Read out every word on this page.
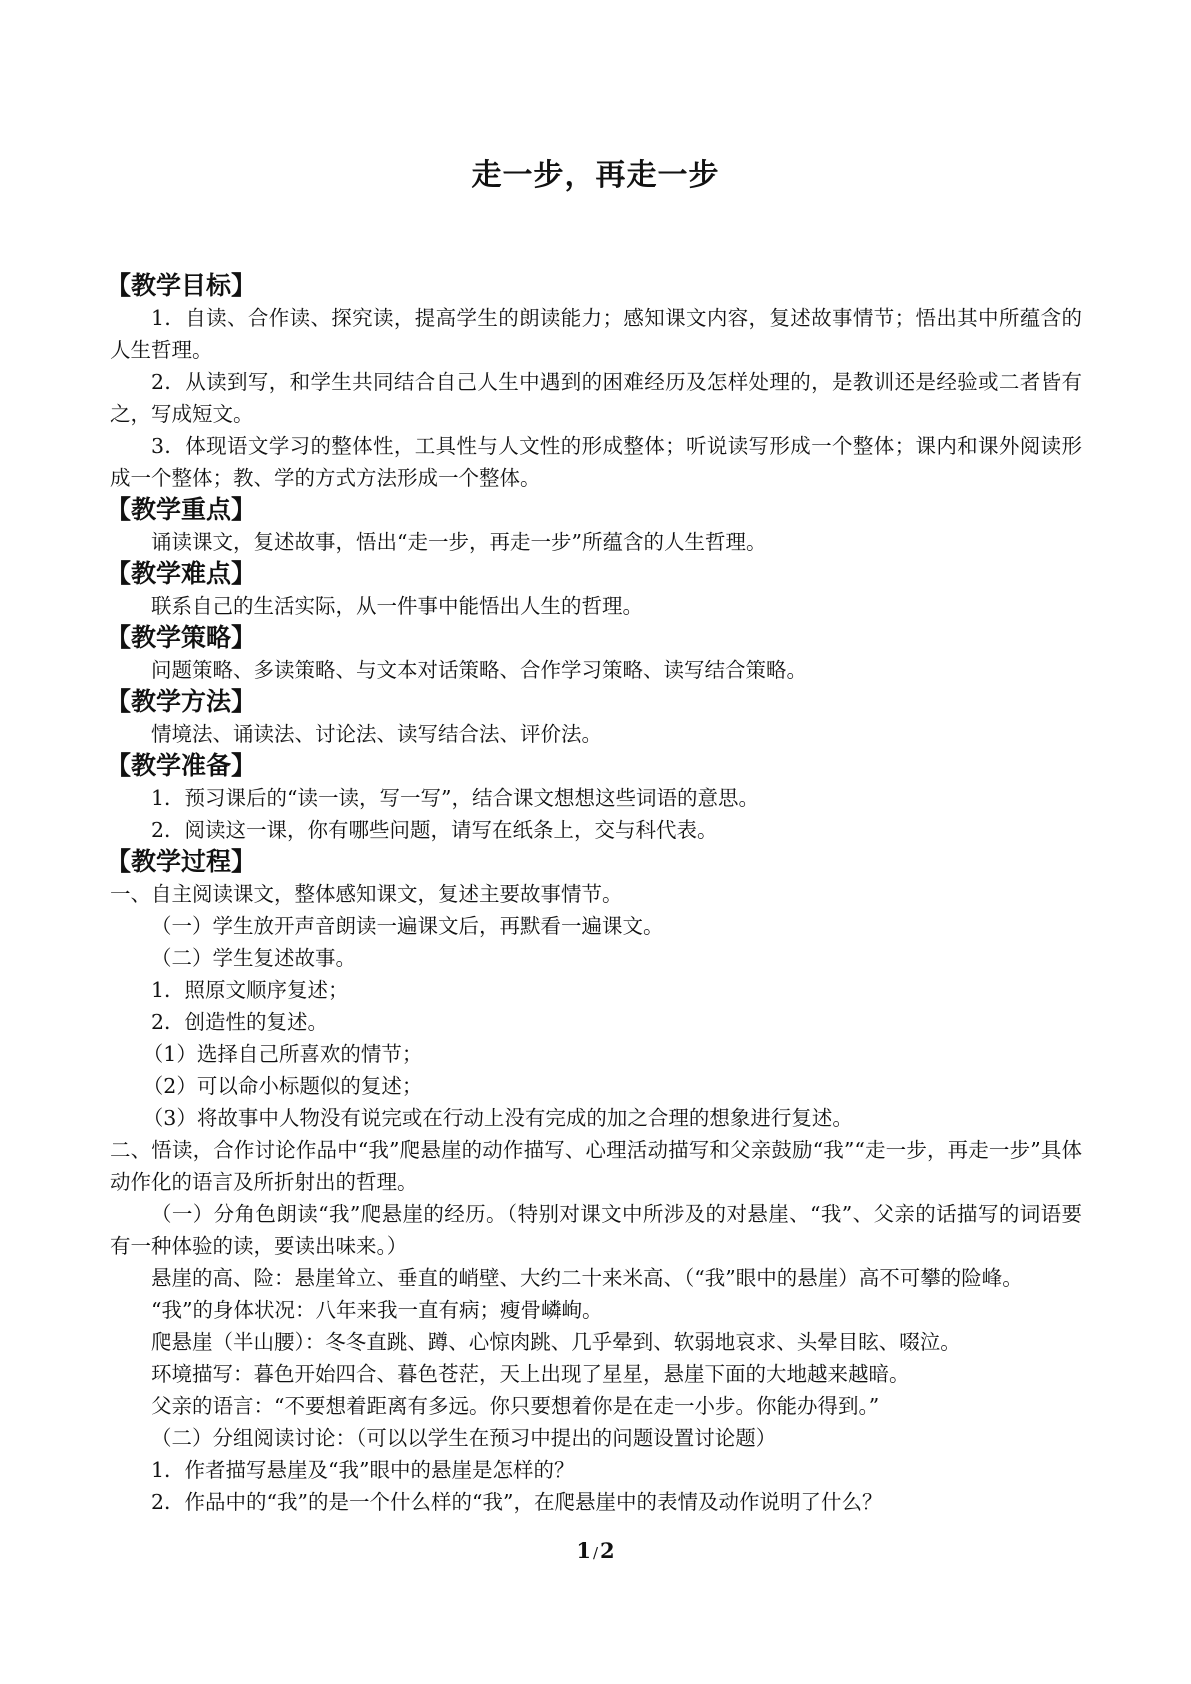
走一步，再走一步
【教学目标】

1．自读、合作读、探究读，提高学生的朗读能力；感知课文内容，复述故事情节；悟出其中所蕴含的人生哲理。

2．从读到写，和学生共同结合自己人生中遇到的困难经历及怎样处理的，是教训还是经验或二者皆有之，写成短文。

3．体现语文学习的整体性，工具性与人文性的形成整体；听说读写形成一个整体；课内和课外阅读形成一个整体；教、学的方式方法形成一个整体。

【教学重点】

诵读课文，复述故事，悟出“走一步，再走一步”所蕴含的人生哲理。

【教学难点】

联系自己的生活实际，从一件事中能悟出人生的哲理。

【教学策略】

问题策略、多读策略、与文本对话策略、合作学习策略、读写结合策略。

【教学方法】

情境法、诵读法、讨论法、读写结合法、评价法。

【教学准备】

1．预习课后的“读一读，写一写”，结合课文想想这些词语的意思。

2．阅读这一课，你有哪些问题，请写在纸条上，交与科代表。

【教学过程】

一、自主阅读课文，整体感知课文，复述主要故事情节。

（一）学生放开声音朗读一遍课文后，再默看一遍课文。

（二）学生复述故事。

1．照原文顺序复述；

2．创造性的复述。

（1）选择自己所喜欢的情节；

（2）可以命小标题似的复述；

（3）将故事中人物没有说完或在行动上没有完成的加之合理的想象进行复述。

二、悟读，合作讨论作品中“我”爬悬崖的动作描写、心理活动描写和父亲鼓励“我”“走一步，再走一步”具体动作化的语言及所折射出的哲理。

（一）分角色朗读“我”爬悬崖的经历。（特别对课文中所涉及的对悬崖、“我”、父亲的话描写的词语要有一种体验的读，要读出味来。）

悬崖的高、险：悬崖耸立、垂直的峭壁、大约二十来米高、（“我”眼中的悬崖）高不可攀的险峰。

“我”的身体状况：八年来我一直有病；瘦骨嶙峋。

爬悬崖（半山腰）：冬冬直跳、蹲、心惊肉跳、几乎晕到、软弱地哀求、头晕目眩、啜泣。

环境描写：暮色开始四合、暮色苍茫，天上出现了星星，悬崖下面的大地越来越暗。

父亲的语言：“不要想着距离有多远。你只要想着你是在走一小步。你能办得到。”

（二）分组阅读讨论：（可以以学生在预习中提出的问题设置讨论题）

1．作者描写悬崖及“我”眼中的悬崖是怎样的？

2．作品中的“我”的是一个什么样的“我”，在爬悬崖中的表情及动作说明了什么？

1 /2
